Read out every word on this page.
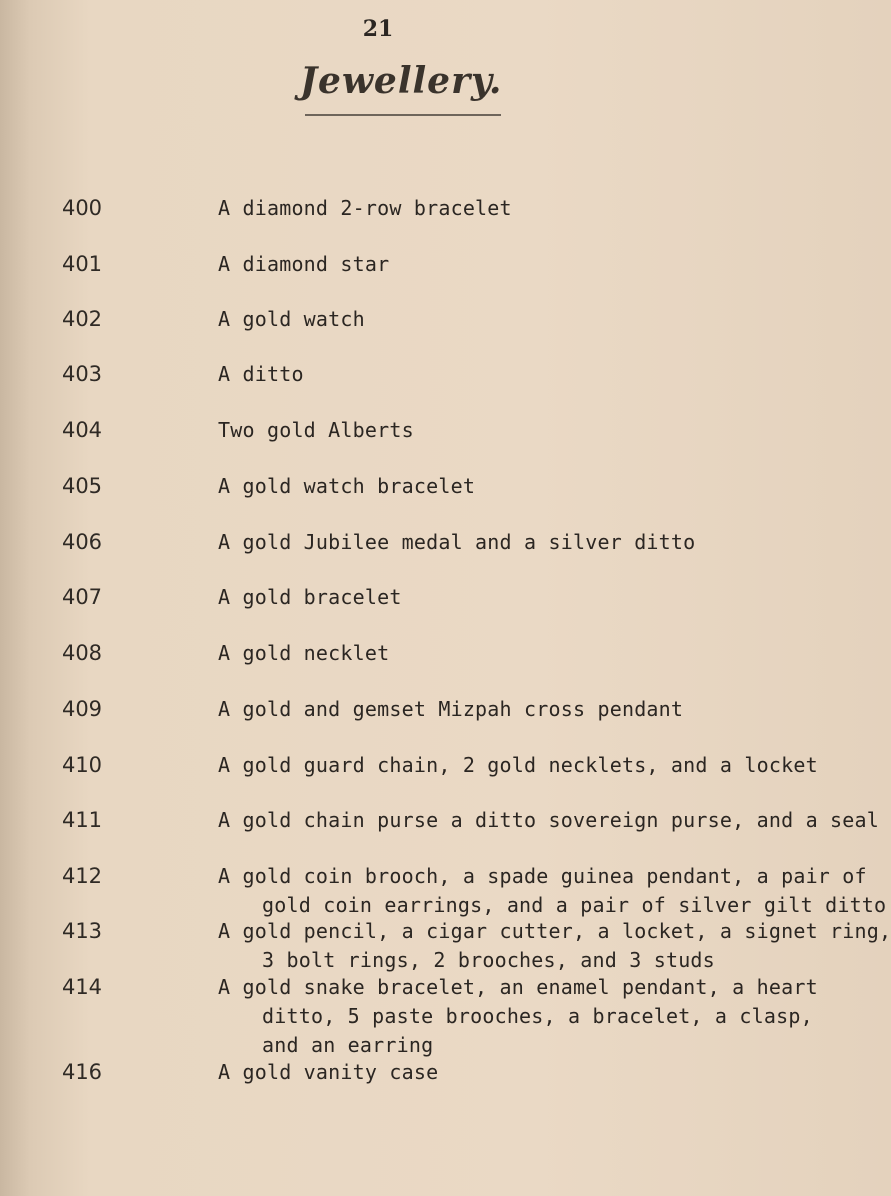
21
Jewellery.
400
401
402
403
404
405
406
407
408
409
410
411
412
413
414
416
A diamond 2-row bracelet
A diamond star
A gold watch
A ditto
Two gold Alberts
A gold watch bracelet
A gold Jubilee medal and a silver ditto
A gold bracelet
A gold necklet
A gold and gemset Mizpah cross pendant
A gold guard chain, 2 gold necklets, and a locket
A gold chain purse a ditto sovereign purse, and a seal
A gold coin brooch, a spade guinea pendant, a pair of
gold coin earrings, and a pair of silver gilt ditto
A gold pencil, a cigar cutter, a locket, a signet ring,
3 bolt rings, 2 brooches, and 3 studs
A gold snake bracelet, an enamel pendant, a heart
ditto, 5 paste brooches, a bracelet, a clasp,
and an earring
A gold vanity case
